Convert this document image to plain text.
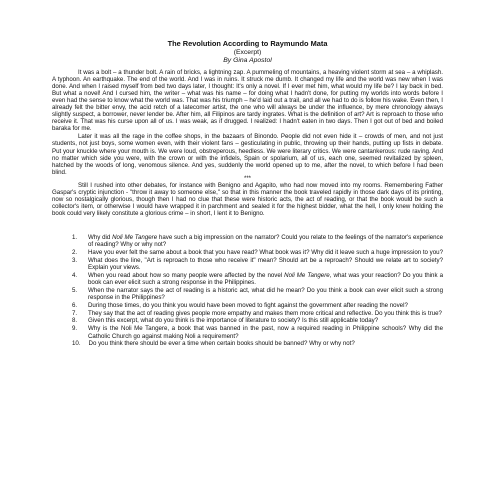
The Revolution According to Raymundo Mata
(Excerpt)
By Gina Apostol

It was a bolt – a thunder bolt. A rain of bricks, a lightning zap. A pummeling of mountains, a heaving violent storm at sea – a whiplash. A typhoon. An earthquake. The end of the world. And I was in ruins. It struck me dumb. It changed my life and the world was new when I was done. And when I raised myself from bed two days later, I thought: It's only a novel. If I ever met him, what would my life be? I lay back in bed. But what a novel! And I cursed him, the writer – what was his name – for doing what I hadn't done, for putting my worlds into words before I even had the sense to know what the world was. That was his triumph – he'd laid out a trail, and all we had to do is follow his wake. Even then, I already felt the bitter envy, the acid retch of a latecomer artist, the one who will always be under the influence, by mere chronology always slightly suspect, a borrower, never lender be. After him, all Filipinos are tardy ingrates. What is the definition of art? Art is reproach to those who receive it. That was his curse upon all of us. I was weak, as if drugged. I realized: I hadn't eaten in two days. Then I got out of bed and boiled baraka for me.

Later it was all the rage in the coffee shops, in the bazaars of Binondo. People did not even hide it – crowds of men, and not just students, not just boys, some women even, with their violent fans – gesticulating in public, throwing up their hands, putting up fists in debate. Put your knuckle where your mouth is. We were loud, obstreperous, heedless. We were literary critics. We were cantankerous: rude raving. And no matter which side you were, with the crown or with the infidels, Spain or spolarium, all of us, each one, seemed revitalized by spleen, hatched by the woods of long, venomous silence. And yes, suddenly the world opened up to me, after the novel, to which before I had been blind.

***

Still I rushed into other debates, for instance with Benigno and Agapito, who had now moved into my rooms. Remembering Father Gaspar's cryptic injunction - "throw it away to someone else," so that in this manner the book traveled rapidly in those dark days of its printing, now so nostalgically glorious, though then I had no clue that these were historic acts, the act of reading, or that the book would be such a collector's item, or otherwise I would have wrapped it in parchment and sealed it for the highest bidder, what the hell, I only knew holding the book could very likely constitute a glorious crime – in short, I lent it to Benigno.

1.	Why did Noli Me Tangere have such a big impression on the narrator? Could you relate to the feelings of the narrator's experience of reading? Why or why not?
2.	Have you ever felt the same about a book that you have read? What book was it? Why did it leave such a huge impression to you?
3.	What does the line, "Art is reproach to those who receive it" mean? Should art be a reproach? Should we relate art to society? Explain your views.
4.	When you read about how so many people were affected by the novel Noli Me Tangere, what was your reaction? Do you think a book can ever elicit such a strong response in the Philippines.
5.	When the narrator says the act of reading is a historic act, what did he mean? Do you think a book can ever elicit such a strong response in the Philippines?
6.	During those times, do you think you would have been moved to fight against the government after reading the novel?
7.	They say that the act of reading gives people more empathy and makes them more critical and reflective. Do you think this is true?
8.	Given this excerpt, what do you think is the importance of literature to society? Is this still applicable today?
9.	Why is the Noli Me Tangere, a book that was banned in the past, now a required reading in Philippine schools? Why did the Catholic Church go against making Noli a requirement?
10. Do you think there should be ever a time when certain books should be banned? Why or why not?
